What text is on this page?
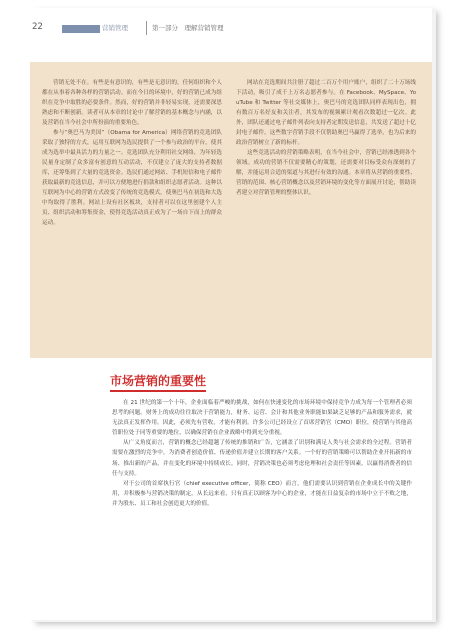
22	营销管理	第一部分　理解营销管理

营销无处不在。有些是有意识的，有些是无意识的，任何组织和个人都在从事着各种各样的营销活动。而在今日的环境中，好的营销已成为组织在竞争中取胜的必要条件。然而，好的营销并非轻易实现，还需要深思熟虑和不断创新。读者可从本章的讨论中了解营销的基本概念与内涵，以及营销在当今社会中所扮演的重要角色。

参与“奥巴马为美国”（Obama for America）网络营销的竞选团队采取了独特的方式，运用互联网为选民提供了一个参与政治的平台，使其成为选举中最具活力的力量之一。竞选团队充分利用社交网络，为年轻选民量身定制了众多富有创意的互动活动，不仅建立了庞大的支持者数据库，还筹集到了大量的竞选资金。选民们通过网站、手机短信和电子邮件获取最新的竞选信息，并可以方便地进行捐款和组织志愿者活动。这种以互联网为中心的营销方式改变了传统的竞选模式，使奥巴马在初选和大选中均取得了胜利。网站上设有社区板块，支持者可以在这里创建个人主页、组织活动和筹集资金，使得竞选活动真正成为了一场自下而上的群众运动。

网站在竞选期间共注册了超过二百万个用户账户，组织了二十万场线下活动，吸引了成千上万名志愿者参与。在 Facebook、MySpace、YouTube 和 Twitter 等社交媒体上，奥巴马的竞选团队同样表现出色，拥有数百万名好友和关注者，其发布的视频累计观看次数超过一亿次。此外，团队还通过电子邮件列表向支持者定期发送信息，共发送了超过十亿封电子邮件。这些数字营销手段不仅帮助奥巴马赢得了选举，也为后来的政治营销树立了新的标杆。

这些竞选活动的营销策略表明，在当今社会中，营销已经渗透到各个领域。成功的营销不仅需要精心的策划，还需要对目标受众有深刻的了解，并能运用合适的渠道与其进行有效的沟通。本章将从营销的重要性、营销的范围、核心营销概念以及营销环境的变化等方面展开讨论，帮助读者建立对营销管理的整体认识。

市场营销的重要性

在 21 世纪的第一个十年，企业面临着严峻的挑战，如何在快速变化的市场环境中保持竞争力成为每一个管理者必须思考的问题。财务上的成功往往取决于营销能力，财务、运营、会计和其他业务职能如果缺乏足够的产品和服务需求，就无法真正发挥作用。因此，必须先有营收，才能有利润。许多公司已经设立了首席营销官（CMO）职位，使营销与其他高管职位处于同等重要的地位，以确保营销在企业战略中得到充分重视。

从广义角度而言，营销的概念已经超越了传统的推销和广告，它涵盖了识别和满足人类与社会需求的全过程。营销者需要在激烈的竞争中，为消费者创造价值、传递价值并建立长期的客户关系。一个好的营销策略可以帮助企业开拓新的市场、推出新的产品，并在变化的环境中持续成长。同时，营销决策也必须考虑伦理和社会责任等因素，以赢得消费者的信任与支持。

对于公司的首席执行官（chief executive officer，简称 CEO）而言，他们需要认识到营销在企业成长中的关键作用，并积极参与营销决策的制定。从长远来看，只有真正以顾客为中心的企业，才能在日益复杂的市场中立于不败之地，并为股东、员工和社会创造更大的价值。
